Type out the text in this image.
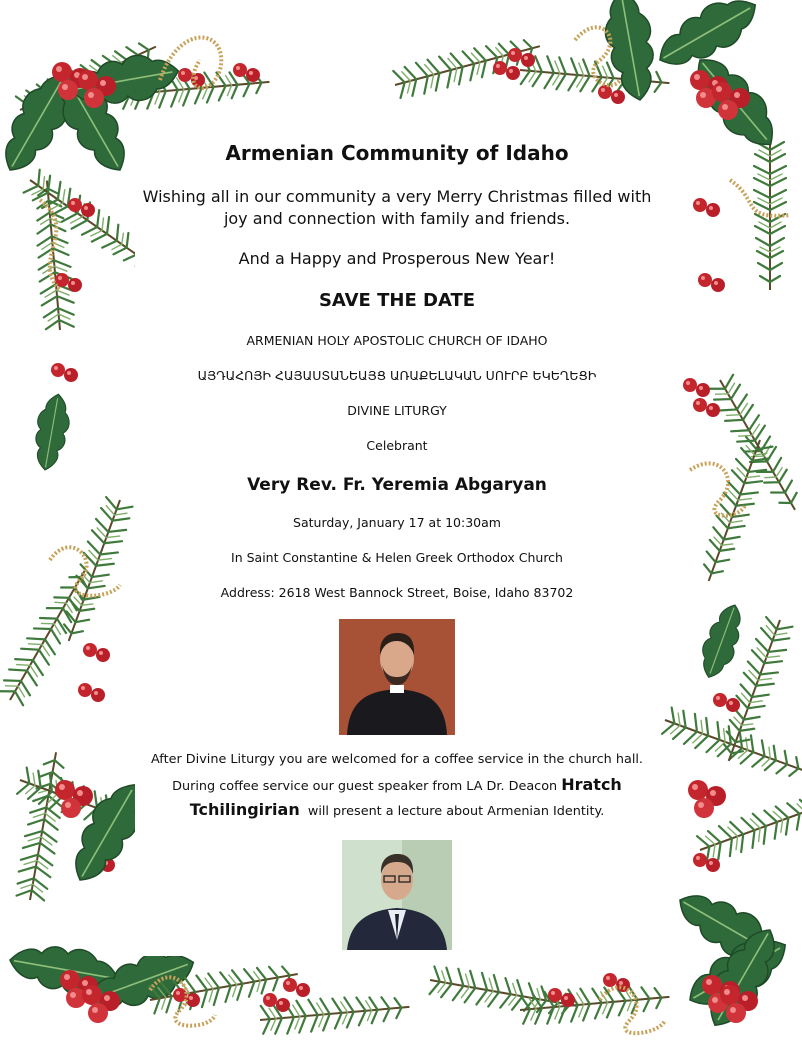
Armenian Community of Idaho
Wishing all in our community a very Merry Christmas filled with
joy and connection with family and friends.
And a Happy and Prosperous New Year!
SAVE THE DATE
ARMENIAN HOLY APOSTOLIC CHURCH OF IDAHO
ԱՅԴԱՀՈՅԻ ՀԱՅԱՍՏԱՆԵԱՅՑ ԱՌԱՔԵԼԱԿԱՆ ՍՈՒՐԲ ԵԿԵՂԵՑԻ
DIVINE LITURGY
Celebrant
Very Rev. Fr. Yeremia Abgaryan
Saturday, January 17 at 10:30am
In Saint Constantine & Helen Greek Orthodox Church
Address: 2618 West Bannock Street, Boise, Idaho 83702
After Divine Liturgy you are welcomed for a coffee service in the church hall.
During coffee service our guest speaker from LA Dr. Deacon Hratch
Tchilingirian will present a lecture about Armenian Identity.
